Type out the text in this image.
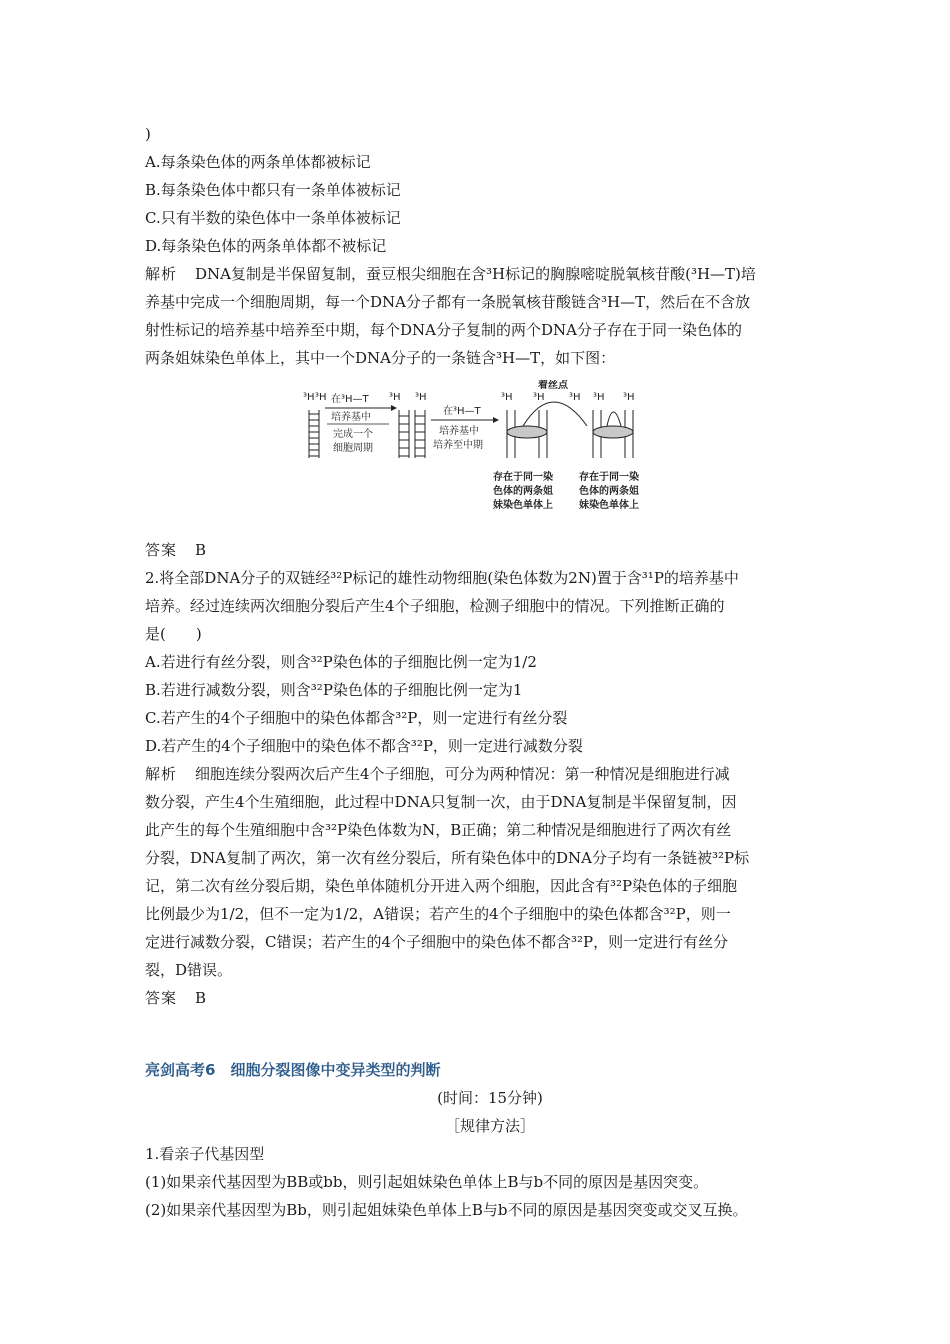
)

A.每条染色体的两条单体都被标记

B.每条染色体中都只有一条单体被标记

C.只有半数的染色体中一条单体被标记

D.每条染色体的两条单体都不被标记

解析 DNA复制是半保留复制，蚕豆根尖细胞在含³H标记的胸腺嘧啶脱氧核苷酸(³H—T)培

养基中完成一个细胞周期，每一个DNA分子都有一条脱氧核苷酸链含³H—T，然后在不含放

射性标记的培养基中培养至中期，每个DNA分子复制的两个DNA分子存在于同一染色体的

两条姐妹染色单体上，其中一个DNA分子的一条链含³H—T，如下图：

³H ³H 在³H—T
培养基中
完成一个
细胞周期
³H ³H
在³H—T
培养基中
培养至中期
³H ³H ³H ³H ³H
着丝点
存在于同一染
色体的两条姐
妹染色单体上
存在于同一染
色体的两条姐
妹染色单体上

答案 B

2.将全部DNA分子的双链经³²P标记的雄性动物细胞(染色体数为2N)置于含³¹P的培养基中

培养。经过连续两次细胞分裂后产生4个子细胞，检测子细胞中的情况。下列推断正确的

是(　　)

A.若进行有丝分裂，则含³²P染色体的子细胞比例一定为1/2

B.若进行减数分裂，则含³²P染色体的子细胞比例一定为1

C.若产生的4个子细胞中的染色体都含³²P，则一定进行有丝分裂

D.若产生的4个子细胞中的染色体不都含³²P，则一定进行减数分裂

解析 细胞连续分裂两次后产生4个子细胞，可分为两种情况：第一种情况是细胞进行减

数分裂，产生4个生殖细胞，此过程中DNA只复制一次，由于DNA复制是半保留复制，因

此产生的每个生殖细胞中含³²P染色体数为N，B正确；第二种情况是细胞进行了两次有丝

分裂，DNA复制了两次，第一次有丝分裂后，所有染色体中的DNA分子均有一条链被³²P标

记，第二次有丝分裂后期，染色单体随机分开进入两个细胞，因此含有³²P染色体的子细胞

比例最少为1/2，但不一定为1/2，A错误；若产生的4个子细胞中的染色体都含³²P，则一

定进行减数分裂，C错误；若产生的4个子细胞中的染色体不都含³²P，则一定进行有丝分

裂，D错误。

答案 B

亮剑高考6　细胞分裂图像中变异类型的判断

(时间：15分钟)

［规律方法］

1.看亲子代基因型

(1)如果亲代基因型为BB或bb，则引起姐妹染色单体上B与b不同的原因是基因突变。

(2)如果亲代基因型为Bb，则引起姐妹染色单体上B与b不同的原因是基因突变或交叉互换。
